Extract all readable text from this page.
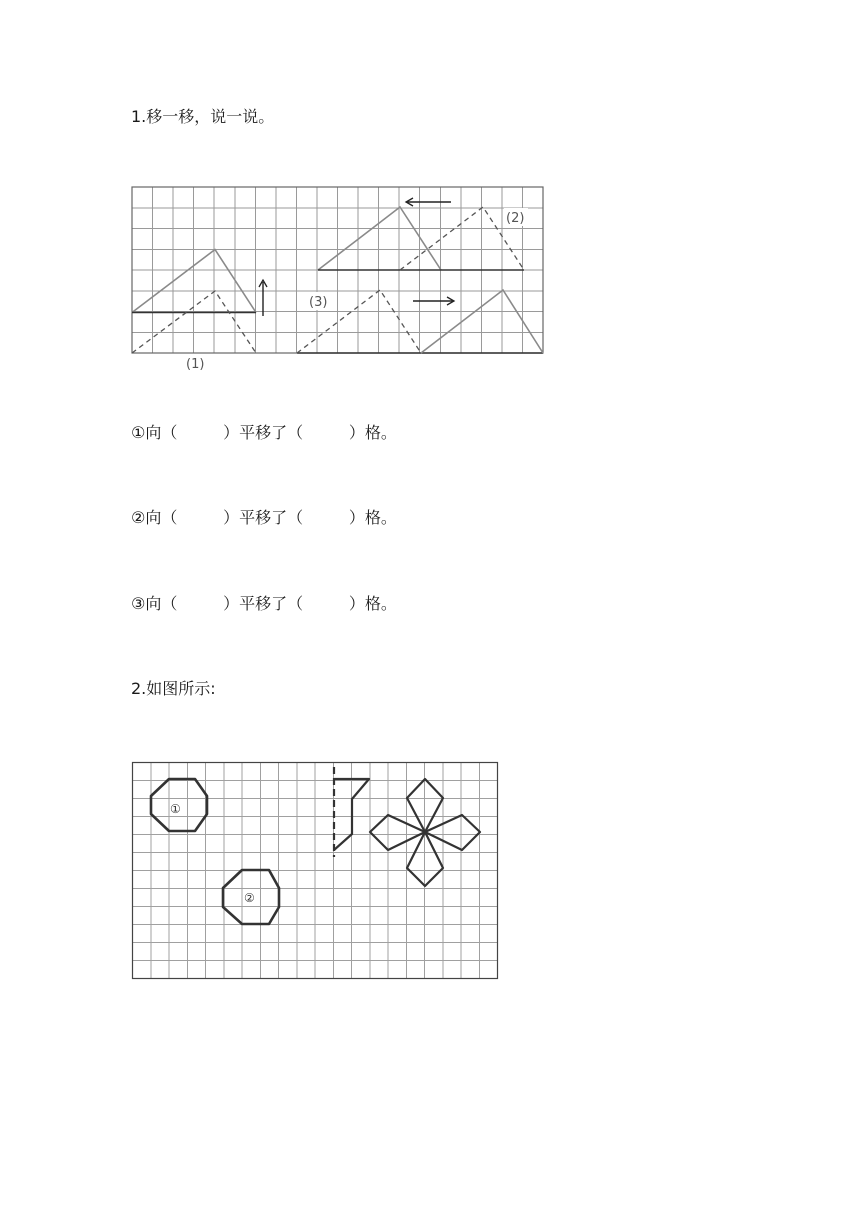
1.移一移，说一说。

(2)
(3)
(1)

①向（         ）平移了（         ）格。

②向（         ）平移了（         ）格。

③向（         ）平移了（         ）格。

2.如图所示:

①
②
